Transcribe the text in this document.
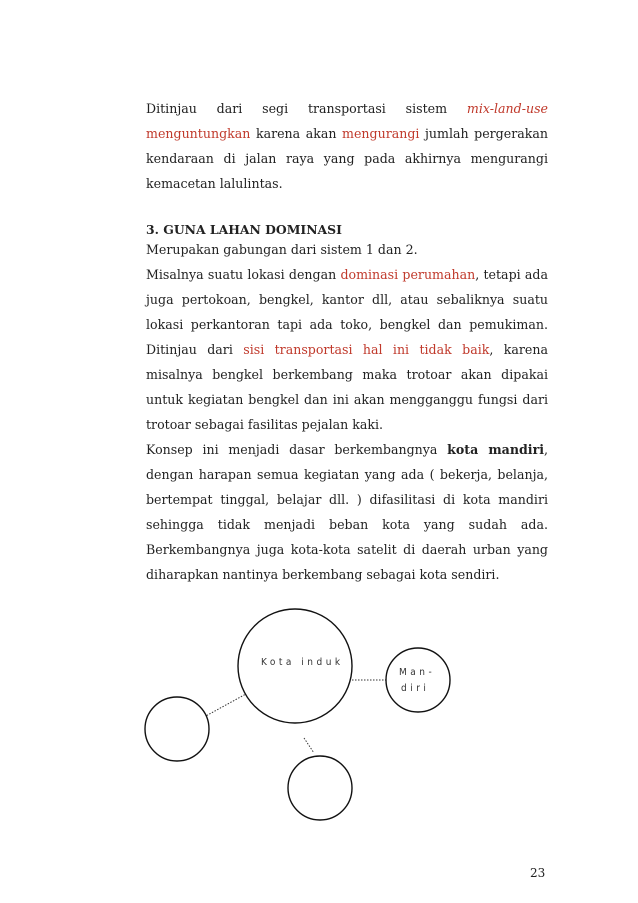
Ditinjau dari segi transportasi sistem mix-land-use menguntungkan karena akan mengurangi jumlah pergerakan kendaraan di jalan raya yang pada akhirnya mengurangi kemacetan lalulintas.

3. GUNA LAHAN DOMINASI

Merupakan gabungan dari sistem 1 dan 2.
Misalnya suatu lokasi dengan dominasi perumahan, tetapi ada juga pertokoan, bengkel, kantor dll, atau sebaliknya suatu lokasi perkantoran tapi ada toko, bengkel dan pemukiman. Ditinjau dari sisi transportasi hal ini tidak baik, karena misalnya bengkel berkembang maka trotoar akan dipakai untuk kegiatan bengkel dan ini akan mengganggu fungsi dari trotoar sebagai fasilitas pejalan kaki.

Konsep ini menjadi dasar berkembangnya kota mandiri, dengan harapan semua kegiatan yang ada ( bekerja, belanja, bertempat tinggal, belajar dll. ) difasilitasi di kota mandiri sehingga tidak menjadi beban kota yang sudah ada. Berkembangnya juga kota-kota satelit di daerah urban yang diharapkan nantinya berkembang sebagai kota sendiri.

Kota induk
Man-
diri
23
